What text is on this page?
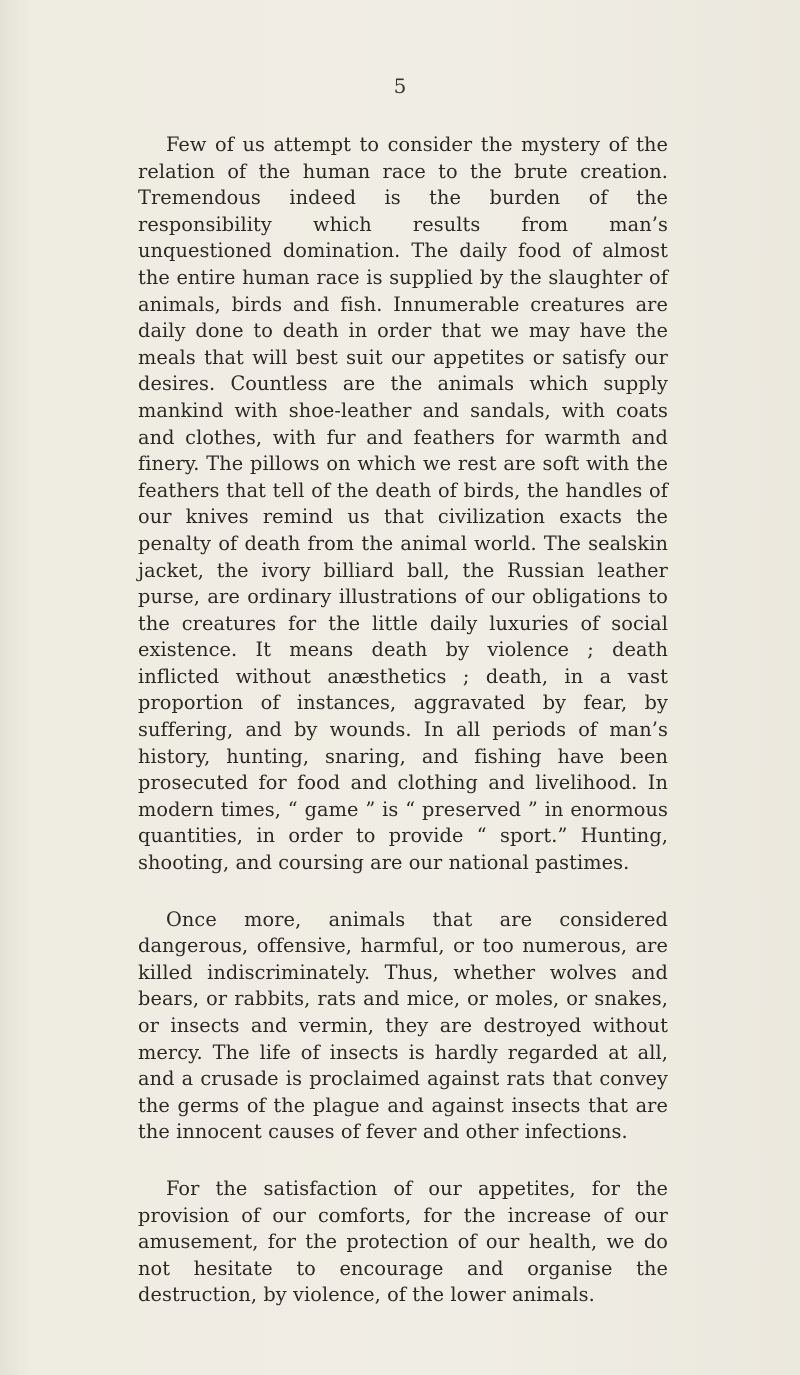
5

Few of us attempt to consider the mystery of the relation of the human race to the brute creation. Tremendous indeed is the burden of the responsibility which results from man’s unquestioned domination. The daily food of almost the entire human race is supplied by the slaughter of animals, birds and fish. Innumerable creatures are daily done to death in order that we may have the meals that will best suit our appetites or satisfy our desires. Countless are the animals which supply mankind with shoe-leather and sandals, with coats and clothes, with fur and feathers for warmth and finery. The pillows on which we rest are soft with the feathers that tell of the death of birds, the handles of our knives remind us that civilization exacts the penalty of death from the animal world. The sealskin jacket, the ivory billiard ball, the Russian leather purse, are ordinary illustrations of our obligations to the creatures for the little daily luxuries of social existence. It means death by violence ; death inflicted without anæsthetics ; death, in a vast proportion of instances, aggravated by fear, by suffering, and by wounds. In all periods of man’s history, hunting, snaring, and fishing have been prosecuted for food and clothing and livelihood. In modern times, “ game ” is “ preserved ” in enormous quantities, in order to provide “ sport.” Hunting, shooting, and coursing are our national pastimes.

Once more, animals that are considered dangerous, offensive, harmful, or too numerous, are killed indiscriminately. Thus, whether wolves and bears, or rabbits, rats and mice, or moles, or snakes, or insects and vermin, they are destroyed without mercy. The life of insects is hardly regarded at all, and a crusade is proclaimed against rats that convey the germs of the plague and against insects that are the innocent causes of fever and other infections.

For the satisfaction of our appetites, for the provision of our comforts, for the increase of our amusement, for the protection of our health, we do not hesitate to encourage and organise the destruction, by violence, of the lower animals.
